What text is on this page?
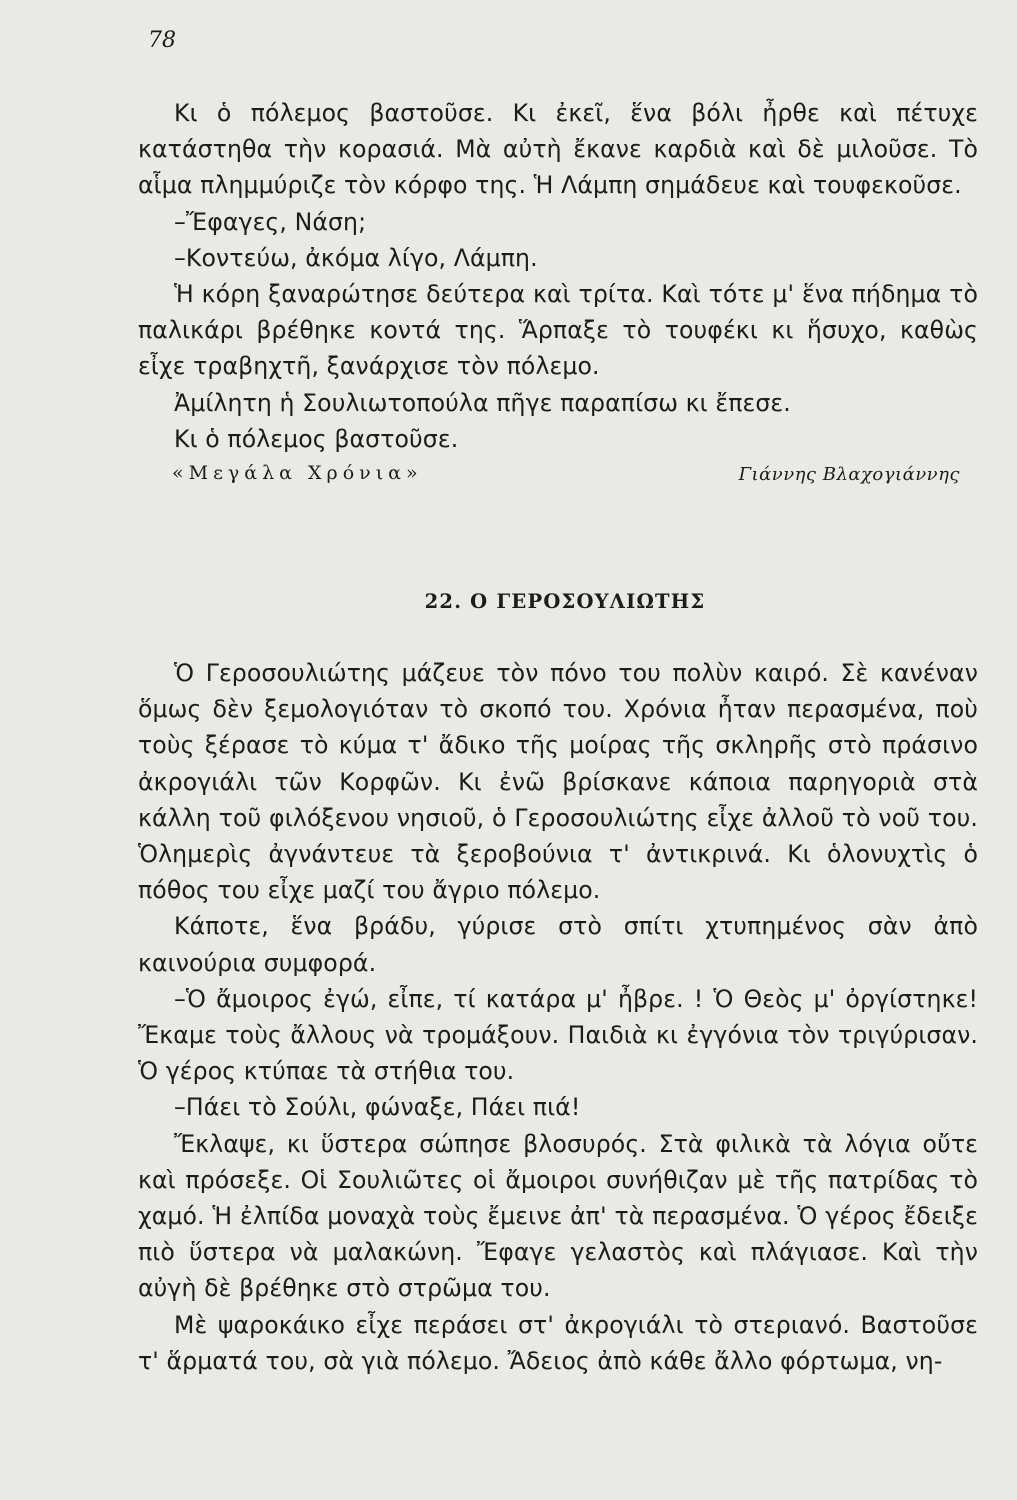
78

Κι ὁ πόλεμος βαστοῦσε. Κι ἐκεῖ, ἕνα βόλι ἦρθε καὶ πέτυχε κατάστηθα τὴν κορασιά. Μὰ αὐτὴ ἔκανε καρδιὰ καὶ δὲ μιλοῦσε. Τὸ αἷμα πλημμύριζε τὸν κόρφο της. Ἡ Λάμπη σημάδευε καὶ τουφεκοῦσε.

–Ἔφαγες, Νάση;

–Κοντεύω, ἀκόμα λίγο, Λάμπη.

Ἡ κόρη ξαναρώτησε δεύτερα καὶ τρίτα. Καὶ τότε μ' ἕνα πήδημα τὸ παλικάρι βρέθηκε κοντά της. Ἅρπαξε τὸ τουφέκι κι ἥσυχο, καθὼς εἶχε τραβηχτῆ, ξανάρχισε τὸν πόλεμο.

Ἀμίλητη ἡ Σουλιωτοπούλα πῆγε παραπίσω κι ἔπεσε.

Κι ὁ πόλεμος βαστοῦσε.

«Μεγάλα Χρόνια»	Γιάννης Βλαχογιάννης
22. Ο ΓΕΡΟΣΟΥΛΙΩΤΗΣ

Ὁ Γεροσουλιώτης μάζευε τὸν πόνο του πολὺν καιρό. Σὲ κανέναν ὅμως δὲν ξεμολογιόταν τὸ σκοπό του. Χρόνια ἦταν περασμένα, ποὺ τοὺς ξέρασε τὸ κύμα τ' ἄδικο τῆς μοίρας τῆς σκληρῆς στὸ πράσινο ἀκρογιάλι τῶν Κορφῶν. Κι ἐνῶ βρίσκανε κάποια παρηγοριὰ στὰ κάλλη τοῦ φιλόξενου νησιοῦ, ὁ Γεροσουλιώτης εἶχε ἀλλοῦ τὸ νοῦ του. Ὁλημερὶς ἀγνάντευε τὰ ξεροβούνια τ' ἀντικρινά. Κι ὁλονυχτὶς ὁ πόθος του εἶχε μαζί του ἄγριο πόλεμο.

Κάποτε, ἕνα βράδυ, γύρισε στὸ σπίτι χτυπημένος σὰν ἀπὸ καινούρια συμφορά.

–Ὁ ἄμοιρος ἐγώ, εἶπε, τί κατάρα μ' ἦβρε. ! Ὁ Θεὸς μ' ὀργίστηκε! Ἔκαμε τοὺς ἄλλους νὰ τρομάξουν. Παιδιὰ κι ἐγγόνια τὸν τριγύρισαν. Ὁ γέρος κτύπαε τὰ στήθια του.

–Πάει τὸ Σούλι, φώναξε, Πάει πιά!

Ἔκλαψε, κι ὕστερα σώπησε βλοσυρός. Στὰ φιλικὰ τὰ λόγια οὔτε καὶ πρόσεξε. Οἱ Σουλιῶτες οἱ ἄμοιροι συνήθιζαν μὲ τῆς πατρίδας τὸ χαμό. Ἡ ἐλπίδα μοναχὰ τοὺς ἔμεινε ἀπ' τὰ περασμένα. Ὁ γέρος ἔδειξε πιὸ ὕστερα νὰ μαλακώνη. Ἔφαγε γελαστὸς καὶ πλάγιασε. Καὶ τὴν αὐγὴ δὲ βρέθηκε στὸ στρῶμα του.

Μὲ ψαροκάικο εἶχε περάσει στ' ἀκρογιάλι τὸ στεριανό. Βαστοῦσε τ' ἅρματά του, σὰ γιὰ πόλεμο. Ἄδειος ἀπὸ κάθε ἄλλο φόρτωμα, νη-
